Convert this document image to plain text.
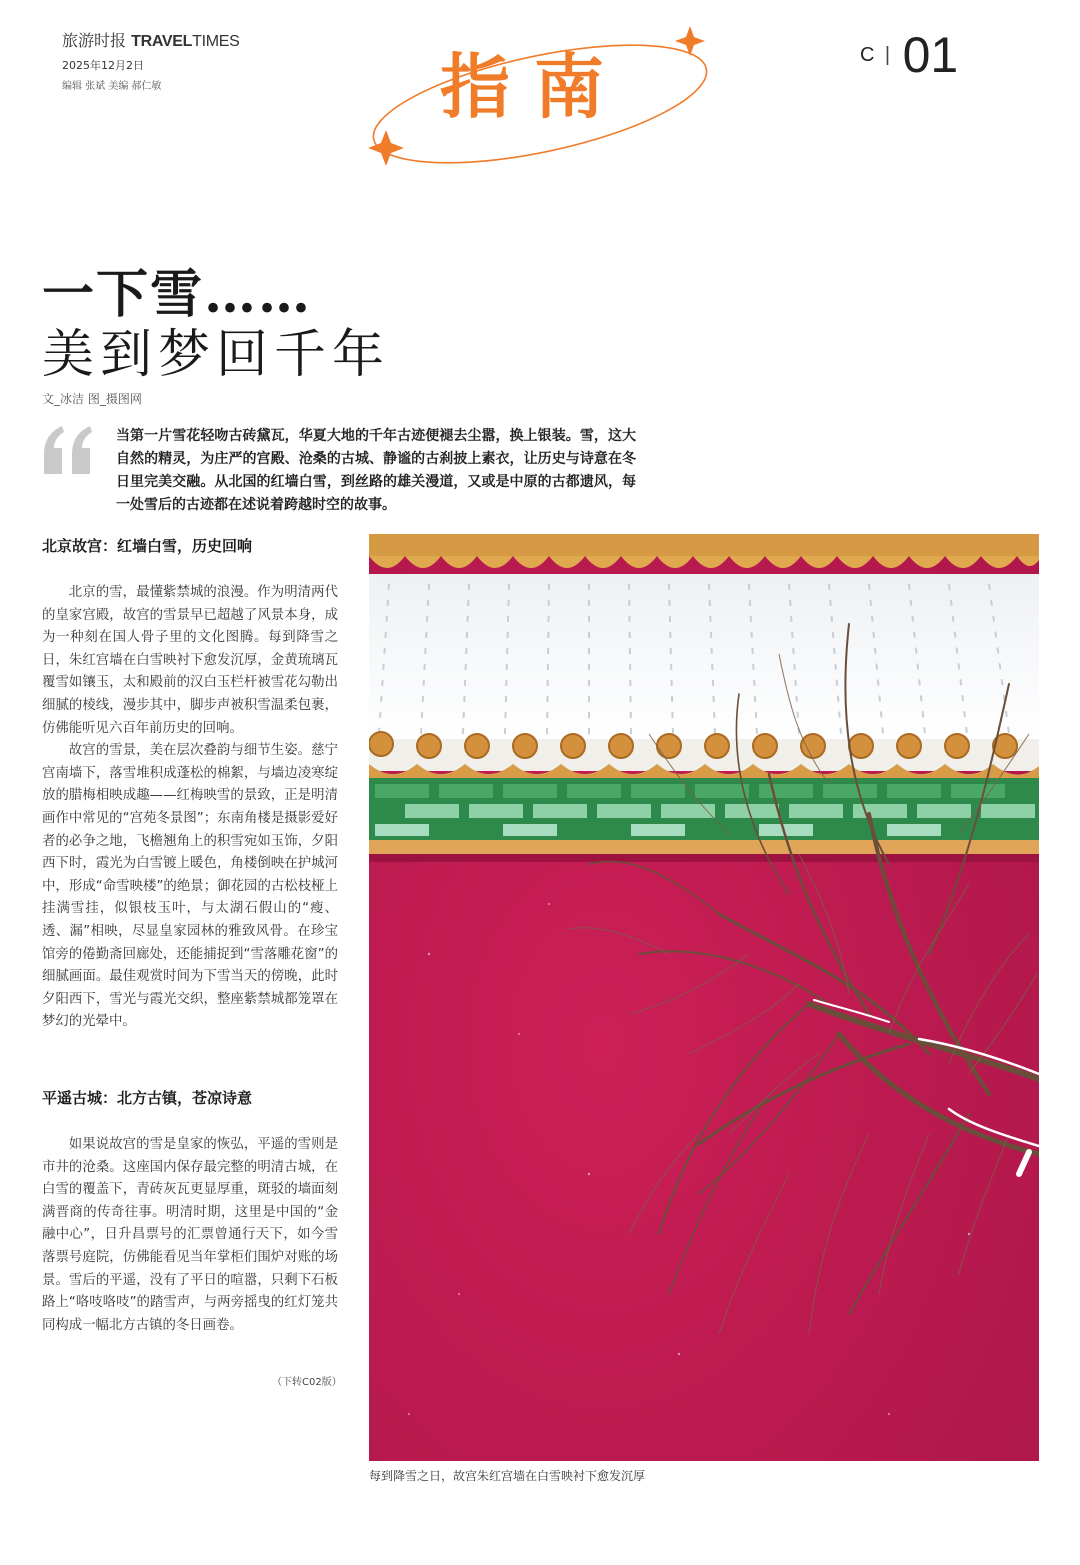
旅游时报 TRAVELTIMES
2025年12月2日
编辑 张斌 美编 郝仁敏	指南	C | 01
一下雪……
美到梦回千年
文_冰洁 图_摄图网
当第一片雪花轻吻古砖黛瓦，华夏大地的千年古迹便褪去尘嚣，换上银装。雪，这大自然的精灵，为庄严的宫殿、沧桑的古城、静谧的古刹披上素衣，让历史与诗意在冬日里完美交融。从北国的红墙白雪，到丝路的雄关漫道，又或是中原的古都遗风，每一处雪后的古迹都在述说着跨越时空的故事。
北京故宫：红墙白雪，历史回响

北京的雪，最懂紫禁城的浪漫。作为明清两代的皇家宫殿，故宫的雪景早已超越了风景本身，成为一种刻在国人骨子里的文化图腾。每到降雪之日，朱红宫墙在白雪映衬下愈发沉厚，金黄琉璃瓦覆雪如镶玉，太和殿前的汉白玉栏杆被雪花勾勒出细腻的棱线，漫步其中，脚步声被积雪温柔包裹，仿佛能听见六百年前历史的回响。

故宫的雪景，美在层次叠韵与细节生姿。慈宁宫南墙下，落雪堆积成蓬松的棉絮，与墙边凌寒绽放的腊梅相映成趣——红梅映雪的景致，正是明清画作中常见的“宫苑冬景图”；东南角楼是摄影爱好者的必争之地，飞檐翘角上的积雪宛如玉饰，夕阳西下时，霞光为白雪镀上暖色，角楼倒映在护城河中，形成“命雪映楼”的绝景；御花园的古松枝桠上挂满雪挂，似银枝玉叶，与太湖石假山的“瘦、透、漏”相映，尽显皇家园林的雅致风骨。在珍宝馆旁的倦勤斋回廊处，还能捕捉到“雪落雕花窗”的细腻画面。最佳观赏时间为下雪当天的傍晚，此时夕阳西下，雪光与霞光交织，整座紫禁城都笼罩在梦幻的光晕中。

平遥古城：北方古镇，苍凉诗意

如果说故宫的雪是皇家的恢弘，平遥的雪则是市井的沧桑。这座国内保存最完整的明清古城，在白雪的覆盖下，青砖灰瓦更显厚重，斑驳的墙面刻满晋商的传奇往事。明清时期，这里是中国的“金融中心”，日升昌票号的汇票曾通行天下，如今雪落票号庭院，仿佛能看见当年掌柜们围炉对账的场景。雪后的平遥，没有了平日的喧嚣，只剩下石板路上“咯吱咯吱”的踏雪声，与两旁摇曳的红灯笼共同构成一幅北方古镇的冬日画卷。

（下转C02版）
每到降雪之日，故宫朱红宫墙在白雪映衬下愈发沉厚
